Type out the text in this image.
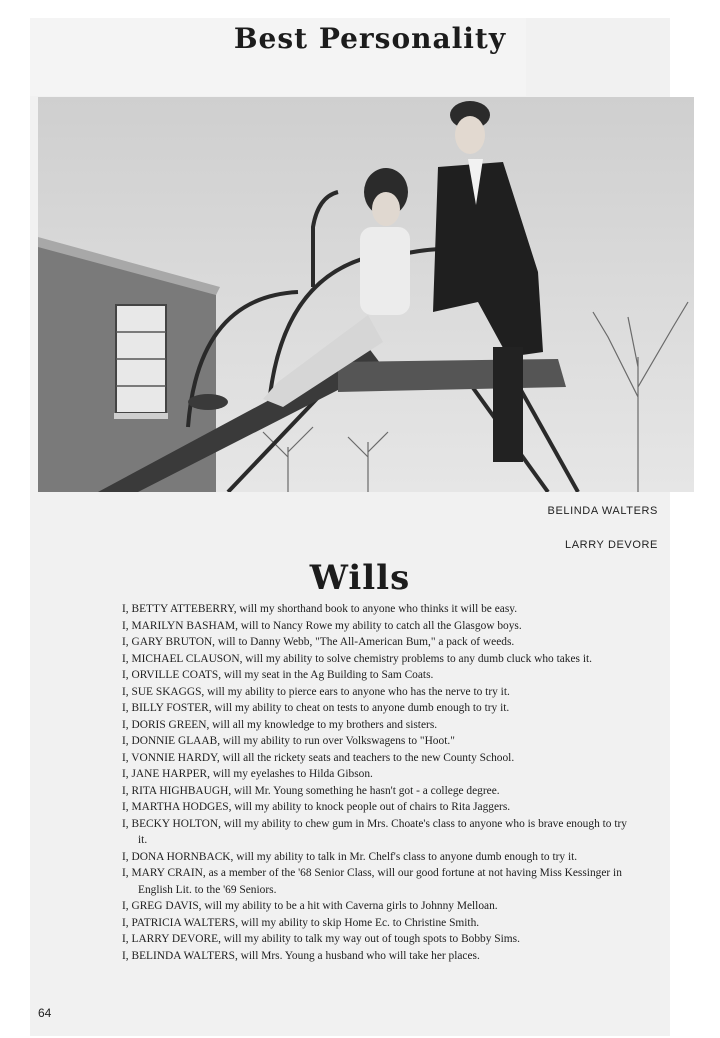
Best Personality
BELINDA WALTERS
LARRY DEVORE
Wills
I, BETTY ATTEBERRY, will my shorthand book to anyone who thinks it will be easy.
I, MARILYN BASHAM, will to Nancy Rowe my ability to catch all the Glasgow boys.
I, GARY BRUTON, will to Danny Webb, "The All-American Bum," a pack of weeds.
I, MICHAEL CLAUSON, will my ability to solve chemistry problems to any dumb cluck who takes it.
I, ORVILLE COATS, will my seat in the Ag Building to Sam Coats.
I, SUE SKAGGS, will my ability to pierce ears to anyone who has the nerve to try it.
I, BILLY FOSTER, will my ability to cheat on tests to anyone dumb enough to try it.
I, DORIS GREEN, will all my knowledge to my brothers and sisters.
I, DONNIE GLAAB, will my ability to run over Volkswagens to "Hoot."
I, VONNIE HARDY, will all the rickety seats and teachers to the new County School.
I, JANE HARPER, will my eyelashes to Hilda Gibson.
I, RITA HIGHBAUGH, will Mr. Young something he hasn't got - a college degree.
I, MARTHA HODGES, will my ability to knock people out of chairs to Rita Jaggers.
I, BECKY HOLTON, will my ability to chew gum in Mrs. Choate's class to anyone who is brave enough to try it.
I, DONA HORNBACK, will my ability to talk in Mr. Chelf's class to anyone dumb enough to try it.
I, MARY CRAIN, as a member of the '68 Senior Class, will our good fortune at not having Miss Kessinger in English Lit. to the '69 Seniors.
I, GREG DAVIS, will my ability to be a hit with Caverna girls to Johnny Melloan.
I, PATRICIA WALTERS, will my ability to skip Home Ec. to Christine Smith.
I, LARRY DEVORE, will my ability to talk my way out of tough spots to Bobby Sims.
I, BELINDA WALTERS, will Mrs. Young a husband who will take her places.
64
